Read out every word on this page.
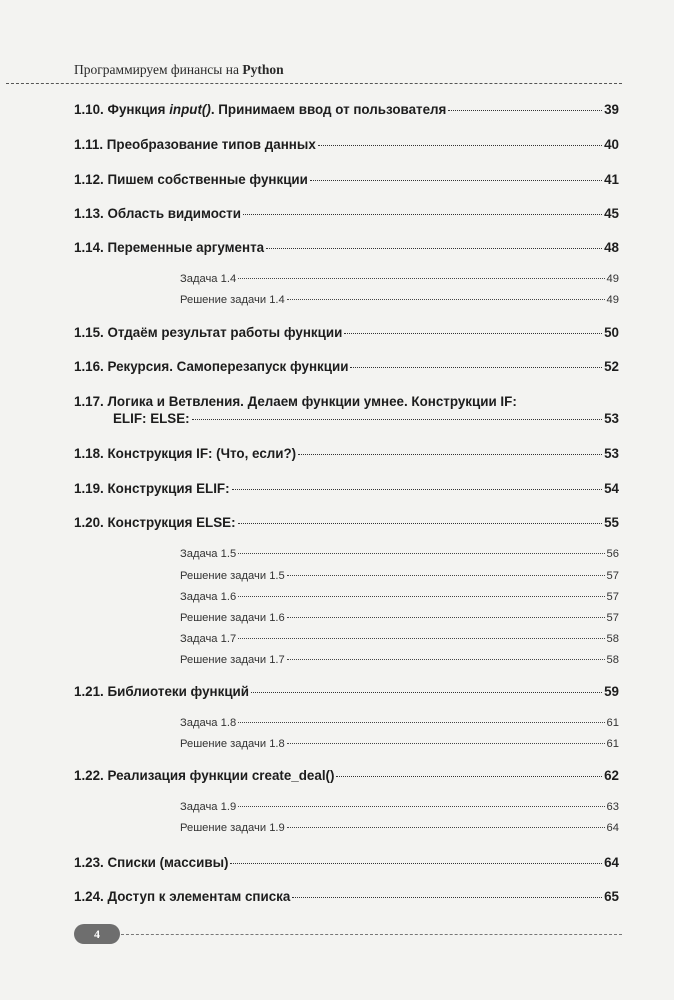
Программируем финансы на Python
1.10. Функция input(). Принимаем ввод от пользователя	39
1.11. Преобразование типов данных	40
1.12. Пишем собственные функции	41
1.13. Область видимости	45
1.14. Переменные аргумента	48
Задача 1.4	49
Решение задачи 1.4	49
1.15. Отдаём результат работы функции	50
1.16. Рекурсия. Самоперезапуск функции	52
1.17. Логика и Ветвления. Делаем функции умнее. Конструкции IF:
ELIF: ELSE:	53
1.18. Конструкция IF: (Что, если?)	53
1.19. Конструкция ELIF:	54
1.20. Конструкция ELSE:	55
Задача 1.5	56
Решение задачи 1.5	57
Задача 1.6	57
Решение задачи 1.6	57
Задача 1.7	58
Решение задачи 1.7	58
1.21. Библиотеки функций	59
Задача 1.8	61
Решение задачи 1.8	61
1.22. Реализация функции create_deal()	62
Задача 1.9	63
Решение задачи 1.9	64
1.23. Списки (массивы)	64
1.24. Доступ к элементам списка	65
4
